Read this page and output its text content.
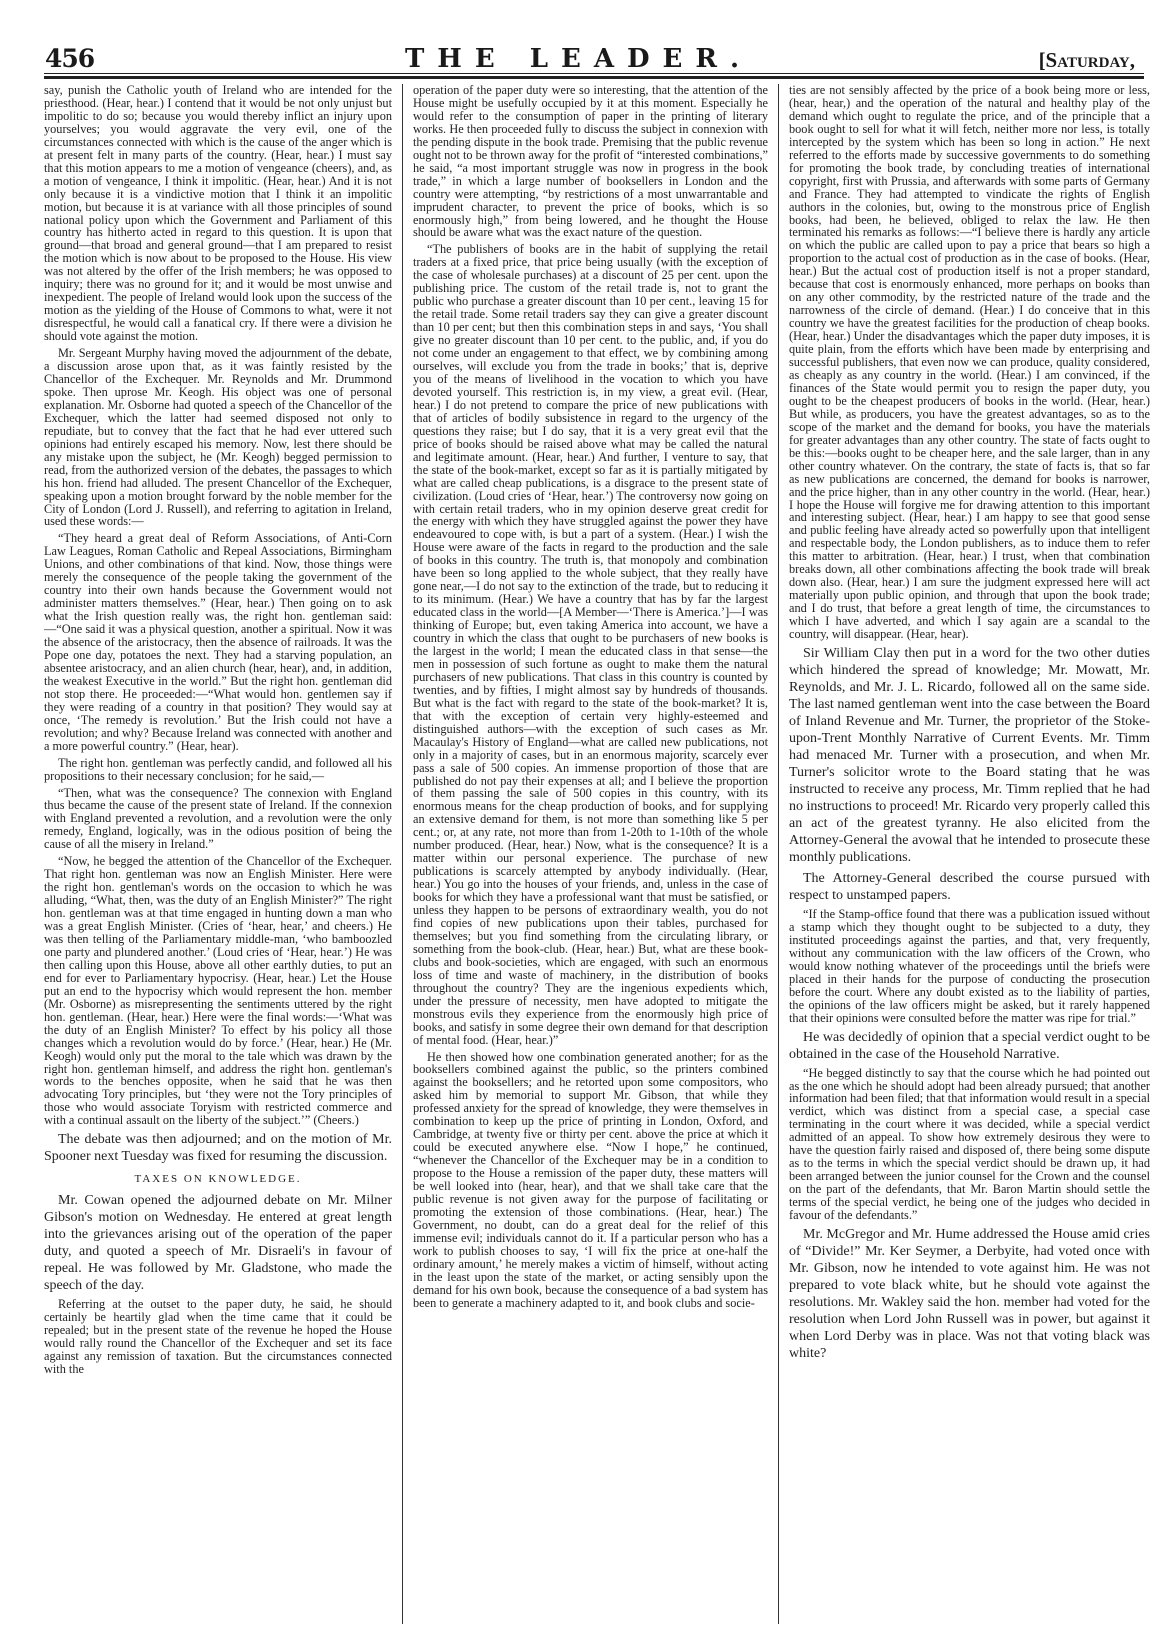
456	THE LEADER.	[Saturday,

say, punish the Catholic youth of Ireland who are intended for the priesthood. (Hear, hear.) I contend that it would be not only unjust but impolitic to do so; because you would thereby inflict an injury upon yourselves; you would aggravate the very evil, one of the circumstances connected with which is the cause of the anger which is at present felt in many parts of the country. (Hear, hear.) I must say that this motion appears to me a motion of vengeance (cheers), and, as a motion of vengeance, I think it impolitic. (Hear, hear.) And it is not only because it is a vindictive motion that I think it an impolitic motion, but because it is at variance with all those principles of sound national policy upon which the Government and Parliament of this country has hitherto acted in regard to this question. It is upon that ground—that broad and general ground—that I am prepared to resist the motion which is now about to be proposed to the House. His view was not altered by the offer of the Irish members; he was opposed to inquiry; there was no ground for it; and it would be most unwise and inexpedient. The people of Ireland would look upon the success of the motion as the yielding of the House of Commons to what, were it not disrespectful, he would call a fanatical cry. If there were a division he should vote against the motion.

Mr. Sergeant Murphy having moved the adjournment of the debate, a discussion arose upon that, as it was faintly resisted by the Chancellor of the Exchequer. Mr. Reynolds and Mr. Drummond spoke. Then uprose Mr. Keogh. His object was one of personal explanation. Mr. Osborne had quoted a speech of the Chancellor of the Exchequer, which the latter had seemed disposed not only to repudiate, but to convey that the fact that he had ever uttered such opinions had entirely escaped his memory. Now, lest there should be any mistake upon the subject, he (Mr. Keogh) begged permission to read, from the authorized version of the debates, the passages to which his hon. friend had alluded. The present Chancellor of the Exchequer, speaking upon a motion brought forward by the noble member for the City of London (Lord J. Russell), and referring to agitation in Ireland, used these words:—

“They heard a great deal of Reform Associations, of Anti-Corn Law Leagues, Roman Catholic and Repeal Associations, Birmingham Unions, and other combinations of that kind. Now, those things were merely the consequence of the people taking the government of the country into their own hands because the Government would not administer matters themselves.” (Hear, hear.) Then going on to ask what the Irish question really was, the right hon. gentleman said:—“One said it was a physical question, another a spiritual. Now it was the absence of the aristocracy, then the absence of railroads. It was the Pope one day, potatoes the next. They had a starving population, an absentee aristocracy, and an alien church (hear, hear), and, in addition, the weakest Executive in the world.” But the right hon. gentleman did not stop there. He proceeded:—“What would hon. gentlemen say if they were reading of a country in that position? They would say at once, ‘The remedy is revolution.’ But the Irish could not have a revolution; and why? Because Ireland was connected with another and a more powerful country.” (Hear, hear).

The right hon. gentleman was perfectly candid, and followed all his propositions to their necessary conclusion; for he said,—

“Then, what was the consequence? The connexion with England thus became the cause of the present state of Ireland. If the connexion with England prevented a revolution, and a revolution were the only remedy, England, logically, was in the odious position of being the cause of all the misery in Ireland.”

“Now, he begged the attention of the Chancellor of the Exchequer. That right hon. gentleman was now an English Minister. Here were the right hon. gentleman's words on the occasion to which he was alluding, “What, then, was the duty of an English Minister?” The right hon. gentleman was at that time engaged in hunting down a man who was a great English Minister. (Cries of ‘hear, hear,’ and cheers.) He was then telling of the Parliamentary middle-man, ‘who bamboozled one party and plundered another.’ (Loud cries of ‘Hear, hear.’) He was then calling upon this House, above all other earthly duties, to put an end for ever to Parliamentary hypocrisy. (Hear, hear.) Let the House put an end to the hypocrisy which would represent the hon. member (Mr. Osborne) as misrepresenting the sentiments uttered by the right hon. gentleman. (Hear, hear.) Here were the final words:—‘What was the duty of an English Minister? To effect by his policy all those changes which a revolution would do by force.’ (Hear, hear.) He (Mr. Keogh) would only put the moral to the tale which was drawn by the right hon. gentleman himself, and address the right hon. gentleman's words to the benches opposite, when he said that he was then advocating Tory principles, but ‘they were not the Tory principles of those who would associate Toryism with restricted commerce and with a continual assault on the liberty of the subject.’” (Cheers.)

The debate was then adjourned; and on the motion of Mr. Spooner next Tuesday was fixed for resuming the discussion.

TAXES ON KNOWLEDGE.

Mr. Cowan opened the adjourned debate on Mr. Milner Gibson's motion on Wednesday. He entered at great length into the grievances arising out of the operation of the paper duty, and quoted a speech of Mr. Disraeli's in favour of repeal. He was followed by Mr. Gladstone, who made the speech of the day.

Referring at the outset to the paper duty, he said, he should certainly be heartily glad when the time came that it could be repealed; but in the present state of the revenue he hoped the House would rally round the Chancellor of the Exchequer and set its face against any remission of taxation. But the circumstances connected with the

operation of the paper duty were so interesting, that the attention of the House might be usefully occupied by it at this moment. Especially he would refer to the consumption of paper in the printing of literary works. He then proceeded fully to discuss the subject in connexion with the pending dispute in the book trade. Premising that the public revenue ought not to be thrown away for the profit of “interested combinations,” he said, “a most important struggle was now in progress in the book trade,” in which a large number of booksellers in London and the country were attempting, “by restrictions of a most unwarrantable and imprudent character, to prevent the price of books, which is so enormously high,” from being lowered, and he thought the House should be aware what was the exact nature of the question.

“The publishers of books are in the habit of supplying the retail traders at a fixed price, that price being usually (with the exception of the case of wholesale purchases) at a discount of 25 per cent. upon the publishing price. The custom of the retail trade is, not to grant the public who purchase a greater discount than 10 per cent., leaving 15 for the retail trade. Some retail traders say they can give a greater discount than 10 per cent; but then this combination steps in and says, ‘You shall give no greater discount than 10 per cent. to the public, and, if you do not come under an engagement to that effect, we by combining among ourselves, will exclude you from the trade in books;’ that is, deprive you of the means of livelihood in the vocation to which you have devoted yourself. This restriction is, in my view, a great evil. (Hear, hear.) I do not pretend to compare the price of new publications with that of articles of bodily subsistence in regard to the urgency of the questions they raise; but I do say, that it is a very great evil that the price of books should be raised above what may be called the natural and legitimate amount. (Hear, hear.) And further, I venture to say, that the state of the book-market, except so far as it is partially mitigated by what are called cheap publications, is a disgrace to the present state of civilization. (Loud cries of ‘Hear, hear.’) The controversy now going on with certain retail traders, who in my opinion deserve great credit for the energy with which they have struggled against the power they have endeavoured to cope with, is but a part of a system. (Hear.) I wish the House were aware of the facts in regard to the production and the sale of books in this country. The truth is, that monopoly and combination have been so long applied to the whole subject, that they really have gone near,—I do not say to the extinction of the trade, but to reducing it to its minimum. (Hear.) We have a country that has by far the largest educated class in the world—[A Member—‘There is America.’]—I was thinking of Europe; but, even taking America into account, we have a country in which the class that ought to be purchasers of new books is the largest in the world; I mean the educated class in that sense—the men in possession of such fortune as ought to make them the natural purchasers of new publications. That class in this country is counted by twenties, and by fifties, I might almost say by hundreds of thousands. But what is the fact with regard to the state of the book-market? It is, that with the exception of certain very highly-esteemed and distinguished authors—with the exception of such cases as Mr. Macaulay's History of England—what are called new publications, not only in a majority of cases, but in an enormous majority, scarcely ever pass a sale of 500 copies. An immense proportion of those that are published do not pay their expenses at all; and I believe the proportion of them passing the sale of 500 copies in this country, with its enormous means for the cheap production of books, and for supplying an extensive demand for them, is not more than something like 5 per cent.; or, at any rate, not more than from 1-20th to 1-10th of the whole number produced. (Hear, hear.) Now, what is the consequence? It is a matter within our personal experience. The purchase of new publications is scarcely attempted by anybody individually. (Hear, hear.) You go into the houses of your friends, and, unless in the case of books for which they have a professional want that must be satisfied, or unless they happen to be persons of extraordinary wealth, you do not find copies of new publications upon their tables, purchased for themselves; but you find something from the circulating library, or something from the book-club. (Hear, hear.) But, what are these book-clubs and book-societies, which are engaged, with such an enormous loss of time and waste of machinery, in the distribution of books throughout the country? They are the ingenious expedients which, under the pressure of necessity, men have adopted to mitigate the monstrous evils they experience from the enormously high price of books, and satisfy in some degree their own demand for that description of mental food. (Hear, hear.)”

He then showed how one combination generated another; for as the booksellers combined against the public, so the printers combined against the booksellers; and he retorted upon some compositors, who asked him by memorial to support Mr. Gibson, that while they professed anxiety for the spread of knowledge, they were themselves in combination to keep up the price of printing in London, Oxford, and Cambridge, at twenty five or thirty per cent. above the price at which it could be executed anywhere else. “Now I hope,” he continued, “whenever the Chancellor of the Exchequer may be in a condition to propose to the House a remission of the paper duty, these matters will be well looked into (hear, hear), and that we shall take care that the public revenue is not given away for the purpose of facilitating or promoting the extension of those combinations. (Hear, hear.) The Government, no doubt, can do a great deal for the relief of this immense evil; individuals cannot do it. If a particular person who has a work to publish chooses to say, ‘I will fix the price at one-half the ordinary amount,’ he merely makes a victim of himself, without acting in the least upon the state of the market, or acting sensibly upon the demand for his own book, because the consequence of a bad system has been to generate a machinery adapted to it, and book clubs and socie-

ties are not sensibly affected by the price of a book being more or less, (hear, hear,) and the operation of the natural and healthy play of the demand which ought to regulate the price, and of the principle that a book ought to sell for what it will fetch, neither more nor less, is totally intercepted by the system which has been so long in action.” He next referred to the efforts made by successive governments to do something for promoting the book trade, by concluding treaties of international copyright, first with Prussia, and afterwards with some parts of Germany and France. They had attempted to vindicate the rights of English authors in the colonies, but, owing to the monstrous price of English books, had been, he believed, obliged to relax the law. He then terminated his remarks as follows:—“I believe there is hardly any article on which the public are called upon to pay a price that bears so high a proportion to the actual cost of production as in the case of books. (Hear, hear.) But the actual cost of production itself is not a proper standard, because that cost is enormously enhanced, more perhaps on books than on any other commodity, by the restricted nature of the trade and the narrowness of the circle of demand. (Hear.) I do conceive that in this country we have the greatest facilities for the production of cheap books. (Hear, hear.) Under the disadvantages which the paper duty imposes, it is quite plain, from the efforts which have been made by enterprising and successful publishers, that even now we can produce, quality considered, as cheaply as any country in the world. (Hear.) I am convinced, if the finances of the State would permit you to resign the paper duty, you ought to be the cheapest producers of books in the world. (Hear, hear.) But while, as producers, you have the greatest advantages, so as to the scope of the market and the demand for books, you have the materials for greater advantages than any other country. The state of facts ought to be this:—books ought to be cheaper here, and the sale larger, than in any other country whatever. On the contrary, the state of facts is, that so far as new publications are concerned, the demand for books is narrower, and the price higher, than in any other country in the world. (Hear, hear.) I hope the House will forgive me for drawing attention to this important and interesting subject. (Hear, hear.) I am happy to see that good sense and public feeling have already acted so powerfully upon that intelligent and respectable body, the London publishers, as to induce them to refer this matter to arbitration. (Hear, hear.) I trust, when that combination breaks down, all other combinations affecting the book trade will break down also. (Hear, hear.) I am sure the judgment expressed here will act materially upon public opinion, and through that upon the book trade; and I do trust, that before a great length of time, the circumstances to which I have adverted, and which I say again are a scandal to the country, will disappear. (Hear, hear).

Sir William Clay then put in a word for the two other duties which hindered the spread of knowledge; Mr. Mowatt, Mr. Reynolds, and Mr. J. L. Ricardo, followed all on the same side. The last named gentleman went into the case between the Board of Inland Revenue and Mr. Turner, the proprietor of the Stoke-upon-Trent Monthly Narrative of Current Events. Mr. Timm had menaced Mr. Turner with a prosecution, and when Mr. Turner's solicitor wrote to the Board stating that he was instructed to receive any process, Mr. Timm replied that he had no instructions to proceed! Mr. Ricardo very properly called this an act of the greatest tyranny. He also elicited from the Attorney-General the avowal that he intended to prosecute these monthly publications.

The Attorney-General described the course pursued with respect to unstamped papers.

“If the Stamp-office found that there was a publication issued without a stamp which they thought ought to be subjected to a duty, they instituted proceedings against the parties, and that, very frequently, without any communication with the law officers of the Crown, who would know nothing whatever of the proceedings until the briefs were placed in their hands for the purpose of conducting the prosecution before the court. Where any doubt existed as to the liability of parties, the opinions of the law officers might be asked, but it rarely happened that their opinions were consulted before the matter was ripe for trial.”

He was decidedly of opinion that a special verdict ought to be obtained in the case of the Household Narrative.

“He begged distinctly to say that the course which he had pointed out as the one which he should adopt had been already pursued; that another information had been filed; that that information would result in a special verdict, which was distinct from a special case, a special case terminating in the court where it was decided, while a special verdict admitted of an appeal. To show how extremely desirous they were to have the question fairly raised and disposed of, there being some dispute as to the terms in which the special verdict should be drawn up, it had been arranged between the junior counsel for the Crown and the counsel on the part of the defendants, that Mr. Baron Martin should settle the terms of the special verdict, he being one of the judges who decided in favour of the defendants.”

Mr. McGregor and Mr. Hume addressed the House amid cries of “Divide!” Mr. Ker Seymer, a Derbyite, had voted once with Mr. Gibson, now he intended to vote against him. He was not prepared to vote black white, but he should vote against the resolutions. Mr. Wakley said the hon. member had voted for the resolution when Lord John Russell was in power, but against it when Lord Derby was in place. Was not that voting black was white?
